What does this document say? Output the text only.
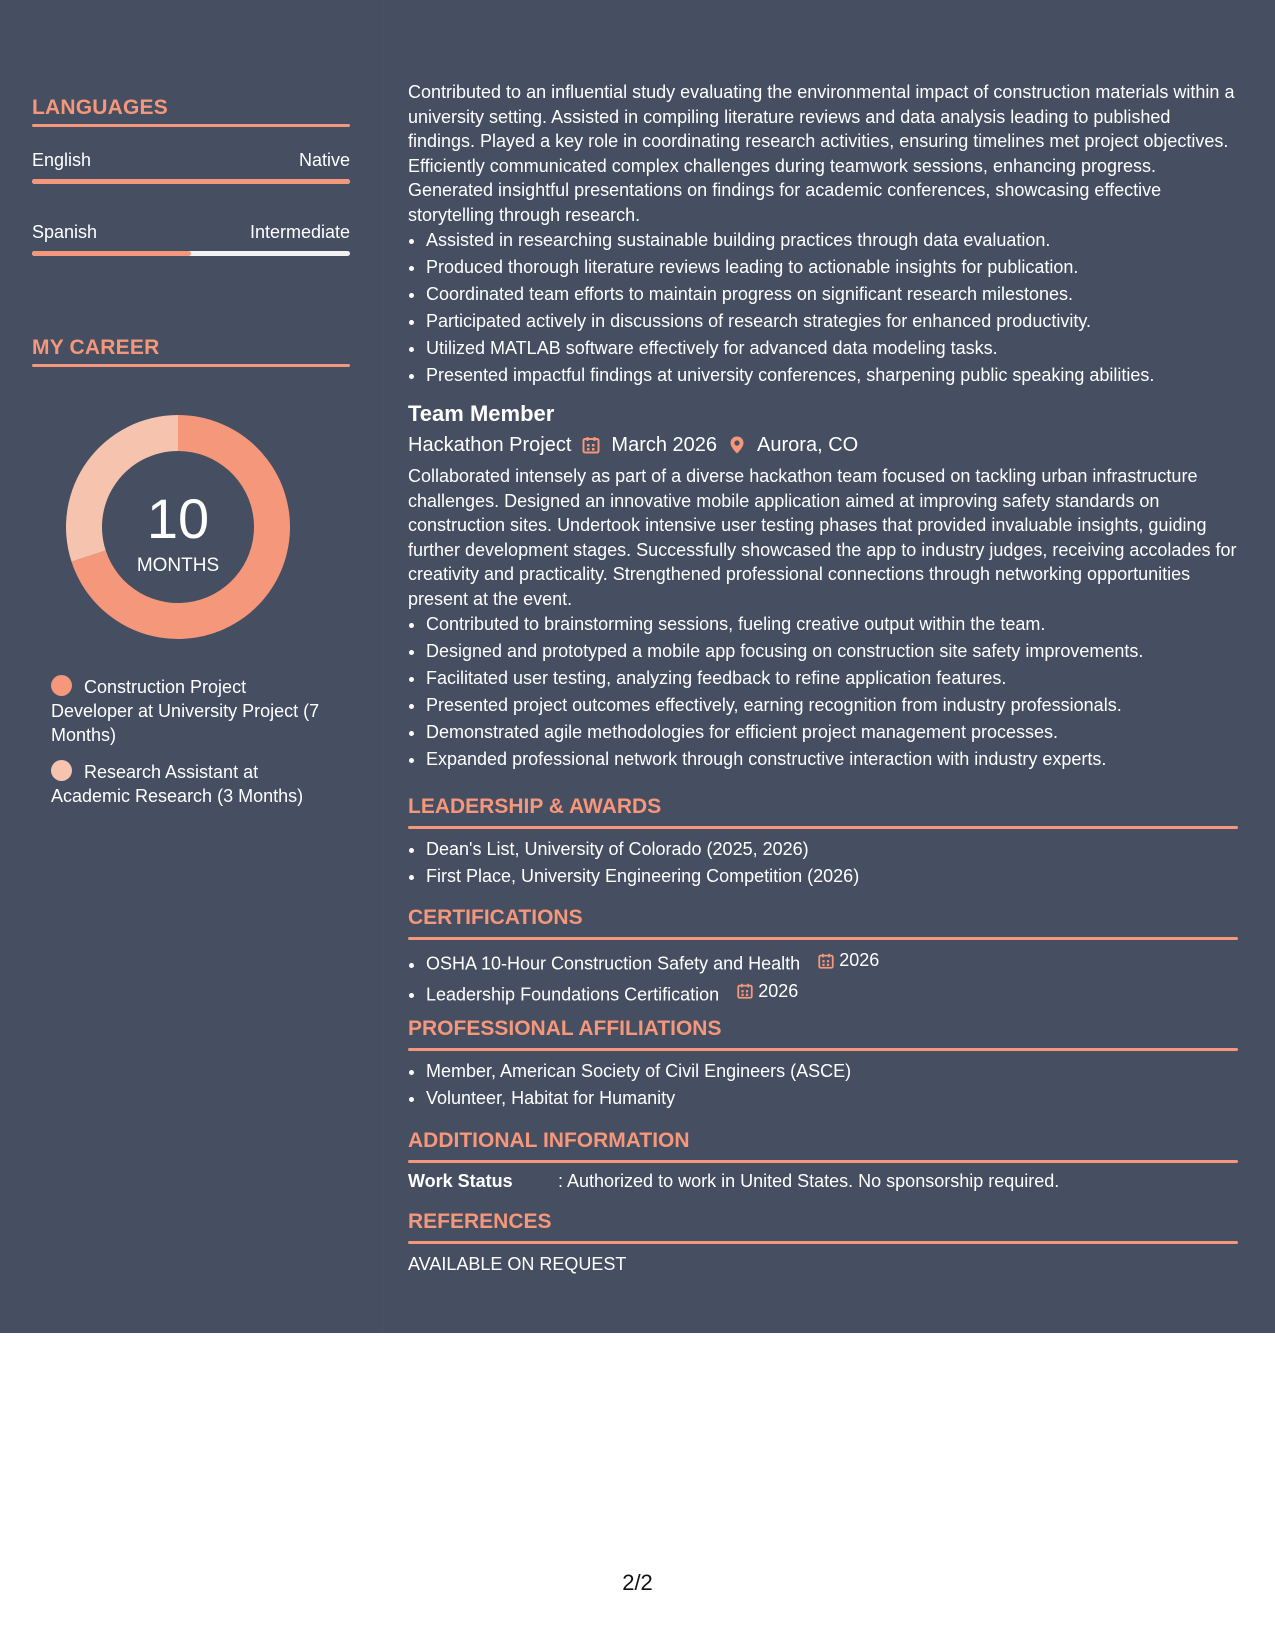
LANGUAGES
English	Native
Spanish	Intermediate
MY CAREER
10
MONTHS
Construction Project Developer at University Project (7 Months)
Research Assistant at Academic Research (3 Months)

Contributed to an influential study evaluating the environmental impact of construction materials within a university setting. Assisted in compiling literature reviews and data analysis leading to published findings. Played a key role in coordinating research activities, ensuring timelines met project objectives. Efficiently communicated complex challenges during teamwork sessions, enhancing progress. Generated insightful presentations on findings for academic conferences, showcasing effective storytelling through research.

• Assisted in researching sustainable building practices through data evaluation.
• Produced thorough literature reviews leading to actionable insights for publication.
• Coordinated team efforts to maintain progress on significant research milestones.
• Participated actively in discussions of research strategies for enhanced productivity.
• Utilized MATLAB software effectively for advanced data modeling tasks.
• Presented impactful findings at university conferences, sharpening public speaking abilities.
Team Member
Hackathon Project March 2026 Aurora, CO

Collaborated intensely as part of a diverse hackathon team focused on tackling urban infrastructure challenges. Designed an innovative mobile application aimed at improving safety standards on construction sites. Undertook intensive user testing phases that provided invaluable insights, guiding further development stages. Successfully showcased the app to industry judges, receiving accolades for creativity and practicality. Strengthened professional connections through networking opportunities present at the event.

• Contributed to brainstorming sessions, fueling creative output within the team.
• Designed and prototyped a mobile app focusing on construction site safety improvements.
• Facilitated user testing, analyzing feedback to refine application features.
• Presented project outcomes effectively, earning recognition from industry professionals.
• Demonstrated agile methodologies for efficient project management processes.
• Expanded professional network through constructive interaction with industry experts.
LEADERSHIP & AWARDS
• Dean's List, University of Colorado (2025, 2026)
• First Place, University Engineering Competition (2026)
CERTIFICATIONS
• OSHA 10-Hour Construction Safety and Health 2026
• Leadership Foundations Certification 2026
PROFESSIONAL AFFILIATIONS
• Member, American Society of Civil Engineers (ASCE)
• Volunteer, Habitat for Humanity
ADDITIONAL INFORMATION
Work Status	: Authorized to work in United States. No sponsorship required.
REFERENCES
AVAILABLE ON REQUEST
2/2
